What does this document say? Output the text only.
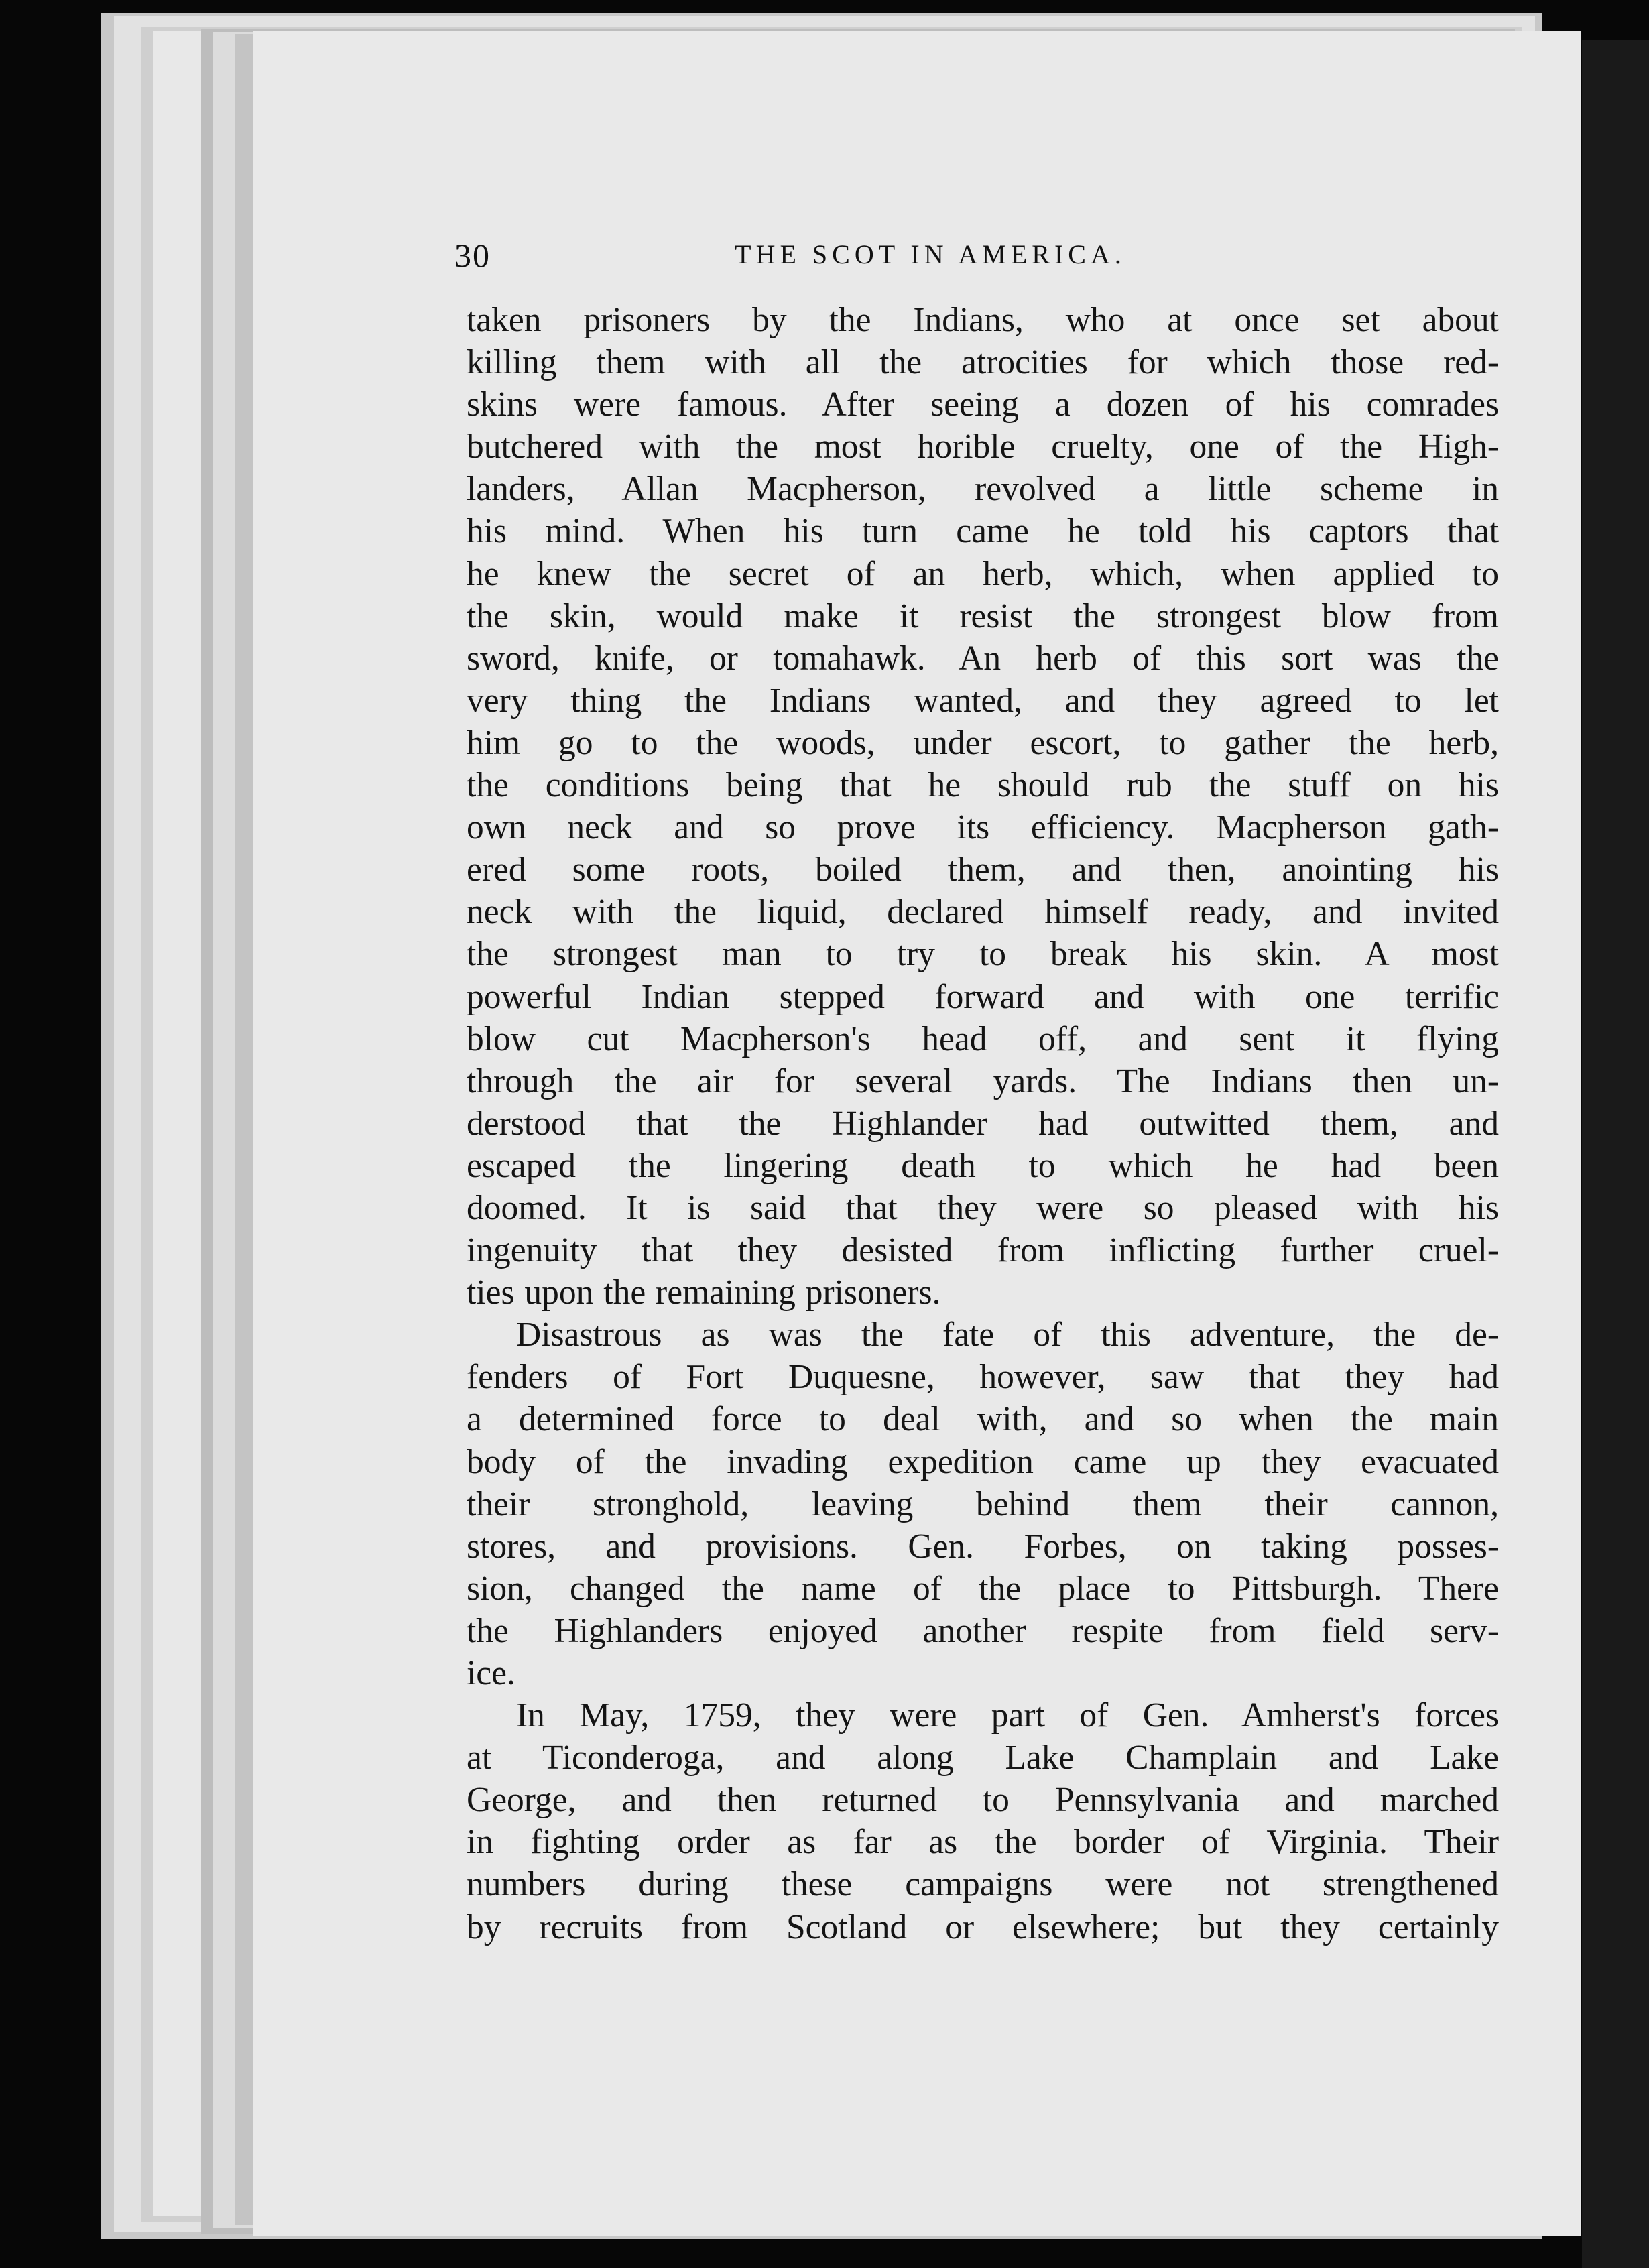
30	THE SCOT IN AMERICA.
taken prisoners by the Indians, who at once set about
killing them with all the atrocities for which those red-
skins were famous. After seeing a dozen of his comrades
butchered with the most horible cruelty, one of the High-
landers, Allan Macpherson, revolved a little scheme in
his mind. When his turn came he told his captors that
he knew the secret of an herb, which, when applied to
the skin, would make it resist the strongest blow from
sword, knife, or tomahawk. An herb of this sort was the
very thing the Indians wanted, and they agreed to let
him go to the woods, under escort, to gather the herb,
the conditions being that he should rub the stuff on his
own neck and so prove its efficiency. Macpherson gath-
ered some roots, boiled them, and then, anointing his
neck with the liquid, declared himself ready, and invited
the strongest man to try to break his skin. A most
powerful Indian stepped forward and with one terrific
blow cut Macpherson's head off, and sent it flying
through the air for several yards. The Indians then un-
derstood that the Highlander had outwitted them, and
escaped the lingering death to which he had been
doomed. It is said that they were so pleased with his
ingenuity that they desisted from inflicting further cruel-
ties upon the remaining prisoners.
Disastrous as was the fate of this adventure, the de-
fenders of Fort Duquesne, however, saw that they had
a determined force to deal with, and so when the main
body of the invading expedition came up they evacuated
their stronghold, leaving behind them their cannon,
stores, and provisions. Gen. Forbes, on taking posses-
sion, changed the name of the place to Pittsburgh. There
the Highlanders enjoyed another respite from field serv-
ice.
In May, 1759, they were part of Gen. Amherst's forces
at Ticonderoga, and along Lake Champlain and Lake
George, and then returned to Pennsylvania and marched
in fighting order as far as the border of Virginia. Their
numbers during these campaigns were not strengthened
by recruits from Scotland or elsewhere; but they certainly
